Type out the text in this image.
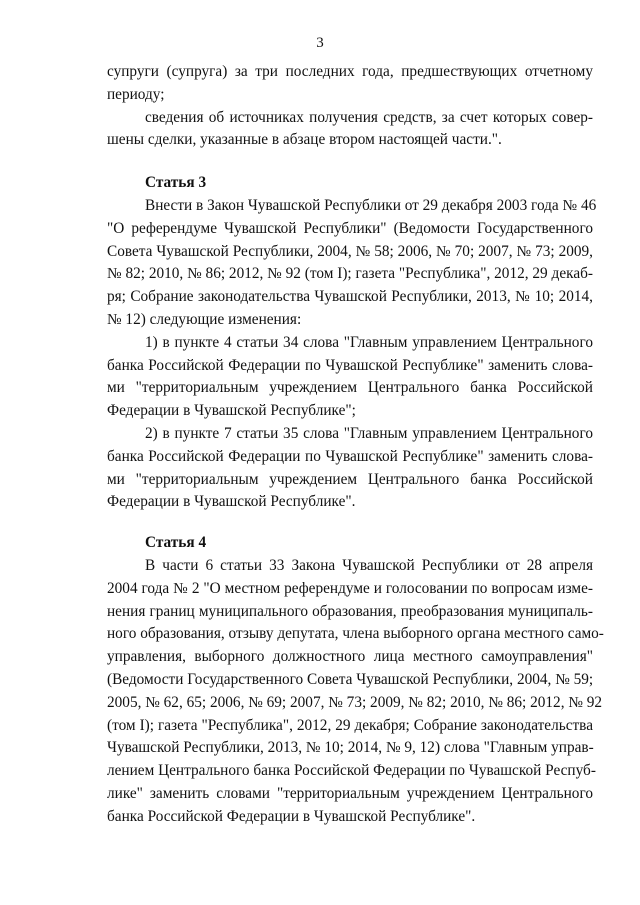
3
супруги (супруга) за три последних года, предшествующих отчетному
периоду;
сведения об источниках получения средств, за счет которых совер-
шены сделки, указанные в абзаце втором настоящей части.".
Статья 3
Внести в Закон Чувашской Республики от 29 декабря 2003 года № 46
"О референдуме Чувашской Республики" (Ведомости Государственного
Совета Чувашской Республики, 2004, № 58; 2006, № 70; 2007, № 73; 2009,
№ 82; 2010, № 86; 2012, № 92 (том I); газета "Республика", 2012, 29 декаб-
ря; Собрание законодательства Чувашской Республики, 2013, № 10; 2014,
№ 12) следующие изменения:
1) в пункте 4 статьи 34 слова "Главным управлением Центрального
банка Российской Федерации по Чувашской Республике" заменить слова-
ми "территориальным учреждением Центрального банка Российской
Федерации в Чувашской Республике";
2) в пункте 7 статьи 35 слова "Главным управлением Центрального
банка Российской Федерации по Чувашской Республике" заменить слова-
ми "территориальным учреждением Центрального банка Российской
Федерации в Чувашской Республике".
Статья 4
В части 6 статьи 33 Закона Чувашской Республики от 28 апреля
2004 года № 2 "О местном референдуме и голосовании по вопросам изме-
нения границ муниципального образования, преобразования муниципаль-
ного образования, отзыву депутата, члена выборного органа местного само-
управления, выборного должностного лица местного самоуправления"
(Ведомости Государственного Совета Чувашской Республики, 2004, № 59;
2005, № 62, 65; 2006, № 69; 2007, № 73; 2009, № 82; 2010, № 86; 2012, № 92
(том I); газета "Республика", 2012, 29 декабря; Собрание законодательства
Чувашской Республики, 2013, № 10; 2014, № 9, 12) слова "Главным управ-
лением Центрального банка Российской Федерации по Чувашской Респуб-
лике" заменить словами "территориальным учреждением Центрального
банка Российской Федерации в Чувашской Республике".
